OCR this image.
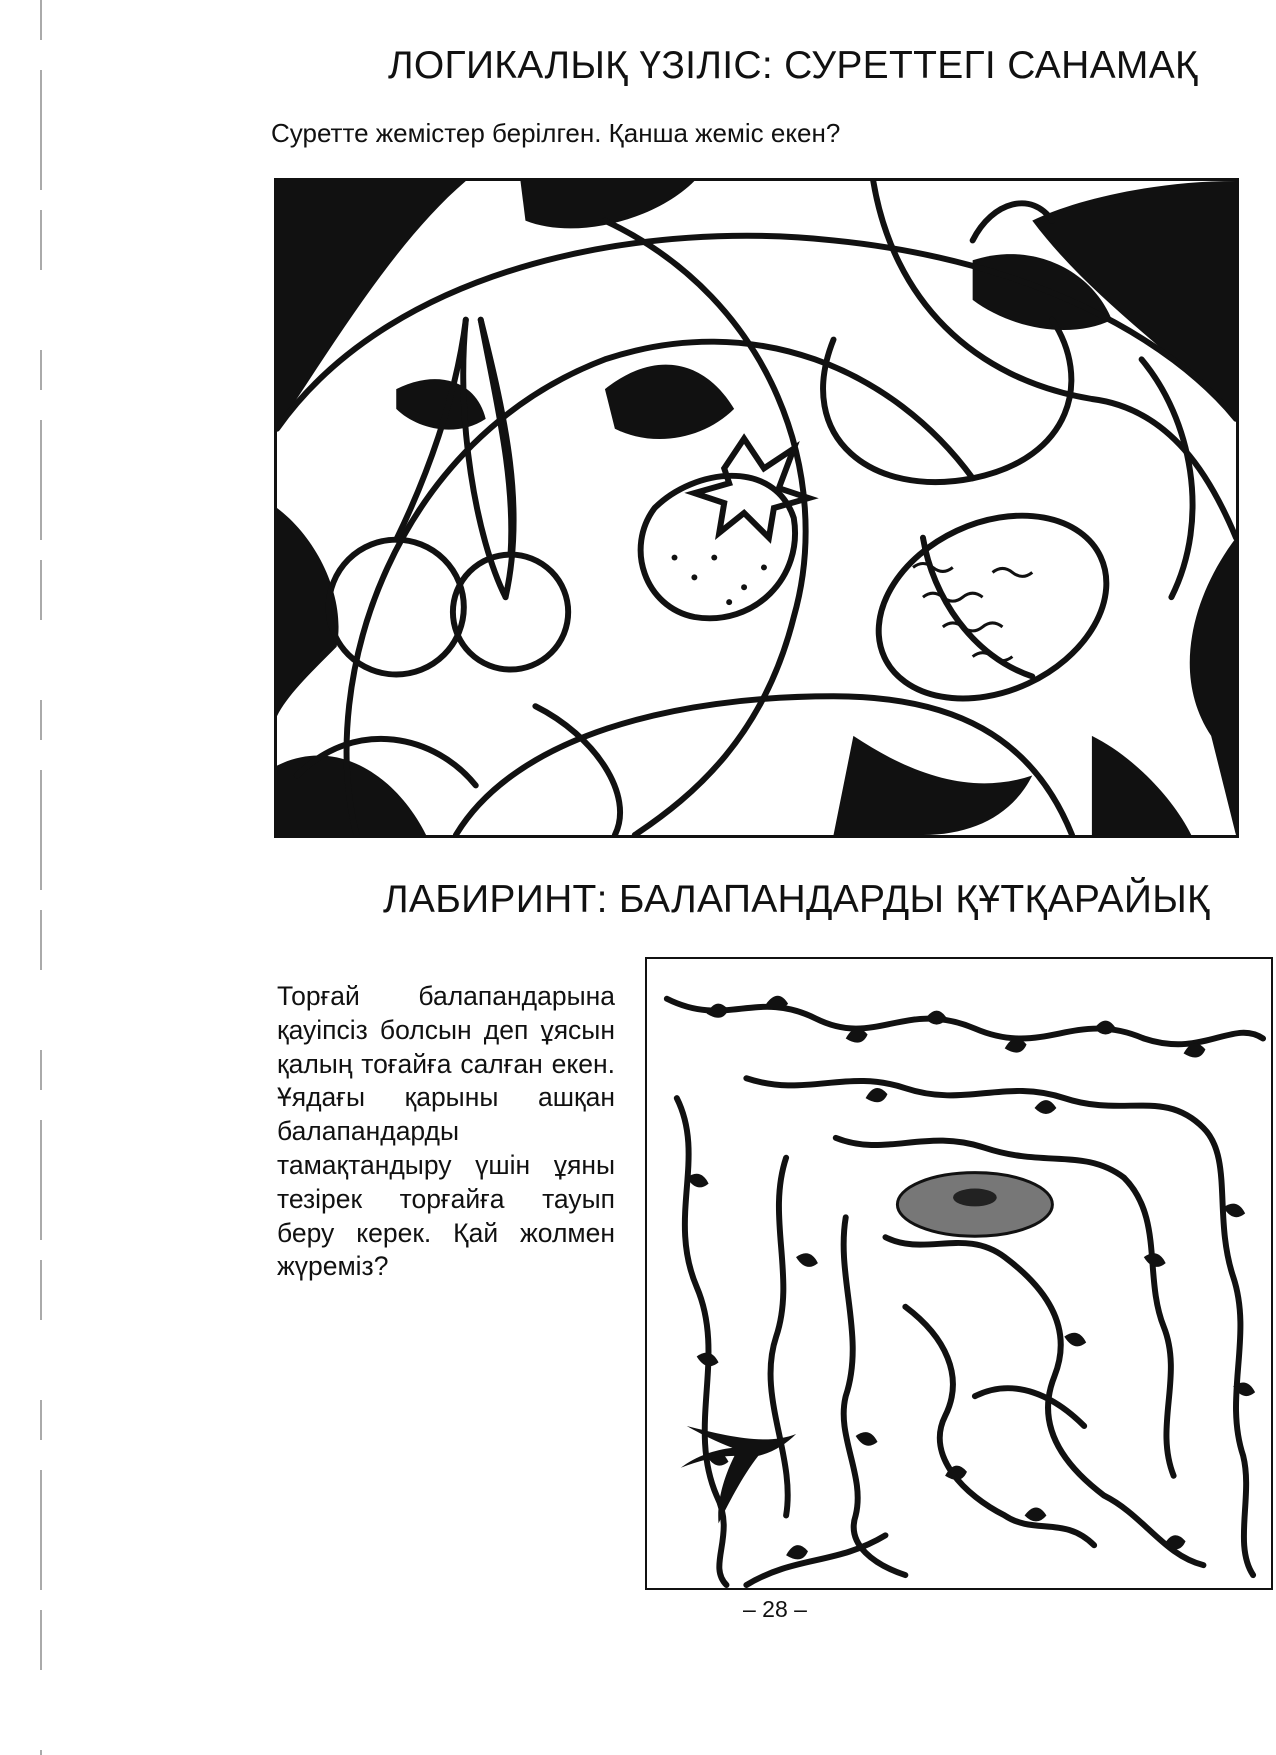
ЛОГИКАЛЫҚ ҮЗІЛІС: СУРЕТТЕГІ САНАМАҚ

Суретте жемістер берілген. Қанша жеміс екен?

ЛАБИРИНТ: БАЛАПАНДАРДЫ ҚҰТҚАРАЙЫҚ

Торғай балапандарына қауіпсіз болсын деп ұясын қалың тоғайға салған екен. Ұядағы қарыны ашқан балапандарды тамақтандыру үшін ұяны тезірек торғайға тауып беру керек. Қай жолмен жүреміз?

– 28 –
